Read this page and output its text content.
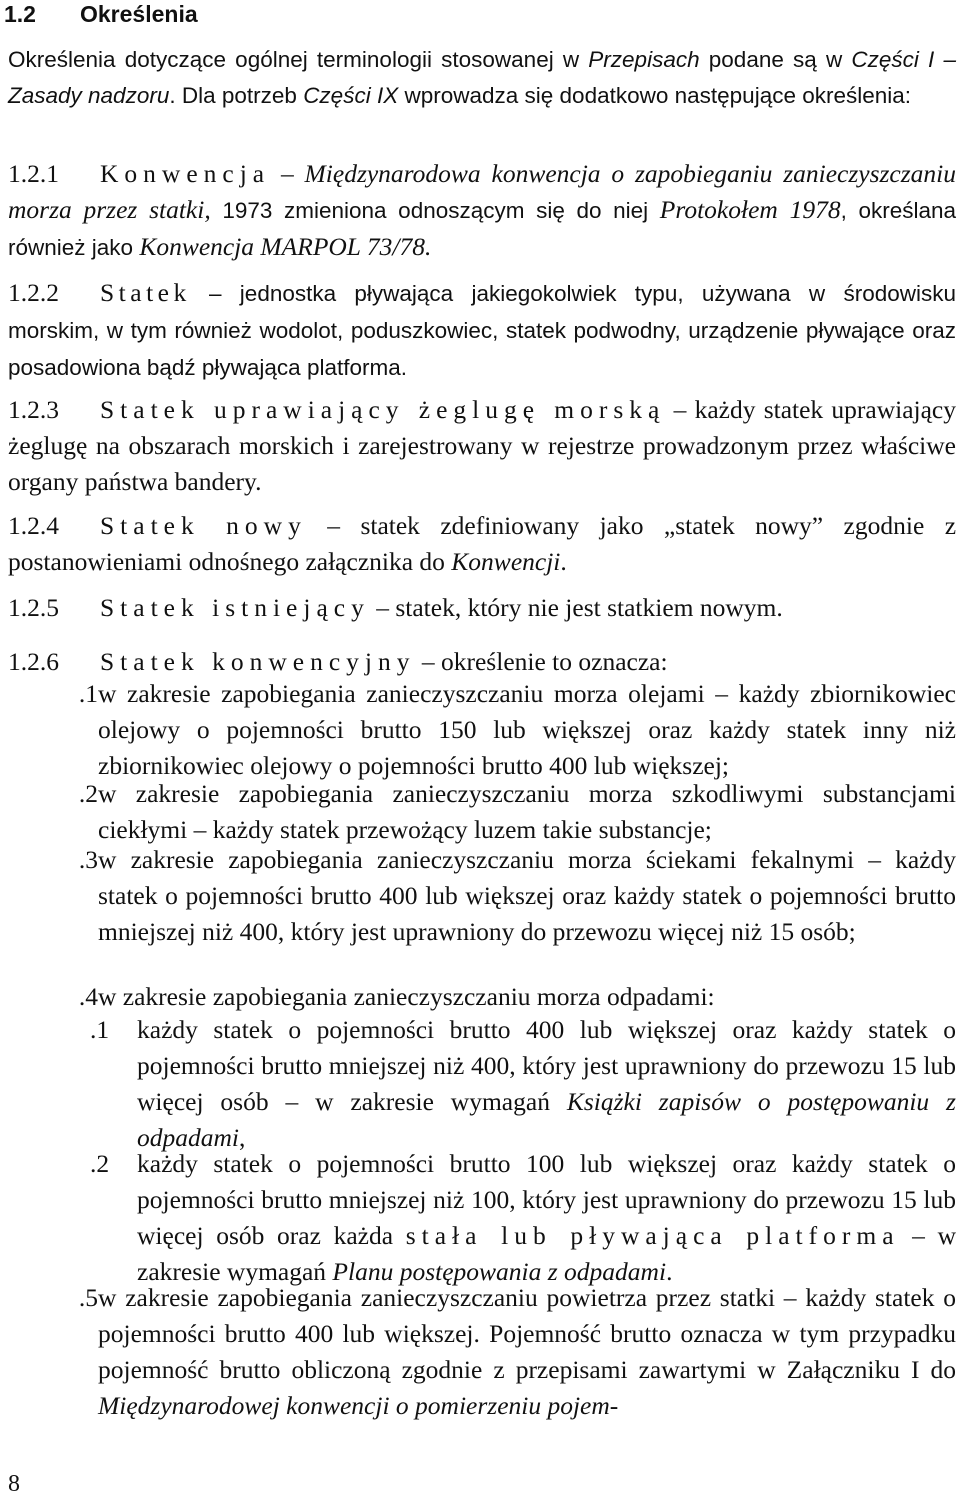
1.2 Określenia
Określenia dotyczące ogólnej terminologii stosowanej w Przepisach podane są w Części I – Zasady nadzoru. Dla potrzeb Części IX wprowadza się dodatkowo następujące określenia:
1.2.1 Konwencja – Międzynarodowa konwencja o zapobieganiu zanieczyszczaniu morza przez statki, 1973 zmieniona odnoszącym się do niej Protokołem 1978, określana również jako Konwencja MARPOL 73/78.
1.2.2 Statek – jednostka pływająca jakiegokolwiek typu, używana w środowisku morskim, w tym również wodolot, poduszkowiec, statek podwodny, urządzenie pływające oraz posadowiona bądź pływająca platforma.
1.2.3 Statek uprawiający żeglugę morską – każdy statek uprawiający żeglugę na obszarach morskich i zarejestrowany w rejestrze prowadzonym przez właściwe organy państwa bandery.
1.2.4 Statek nowy – statek zdefiniowany jako „statek nowy” zgodnie z postanowieniami odnośnego załącznika do Konwencji.
1.2.5 Statek istniejący – statek, który nie jest statkiem nowym.
1.2.6 Statek konwencyjny – określenie to oznacza:
.1 w zakresie zapobiegania zanieczyszczaniu morza olejami – każdy zbiornikowiec olejowy o pojemności brutto 150 lub większej oraz każdy statek inny niż zbiornikowiec olejowy o pojemności brutto 400 lub większej;
.2 w zakresie zapobiegania zanieczyszczaniu morza szkodliwymi substancjami ciekłymi – każdy statek przewożący luzem takie substancje;
.3 w zakresie zapobiegania zanieczyszczaniu morza ściekami fekalnymi – każdy statek o pojemności brutto 400 lub większej oraz każdy statek o pojemności brutto mniejszej niż 400, który jest uprawniony do przewozu więcej niż 15 osób;
.4 w zakresie zapobiegania zanieczyszczaniu morza odpadami:
.1	każdy statek o pojemności brutto 400 lub większej oraz każdy statek o pojemności brutto mniejszej niż 400, który jest uprawniony do przewozu 15 lub więcej osób – w zakresie wymagań Książki zapisów o postępowaniu z odpadami,
.2	każdy statek o pojemności brutto 100 lub większej oraz każdy statek o pojemności brutto mniejszej niż 100, który jest uprawniony do przewozu 15 lub więcej osób oraz każda stała lub pływająca platforma – w zakresie wymagań Planu postępowania z odpadami.
.5 w zakresie zapobiegania zanieczyszczaniu powietrza przez statki – każdy statek o pojemności brutto 400 lub większej. Pojemność brutto oznacza w tym przypadku pojemność brutto obliczoną zgodnie z przepisami zawartymi w Załączniku I do Międzynarodowej konwencji o pomierzeniu pojem-
8
